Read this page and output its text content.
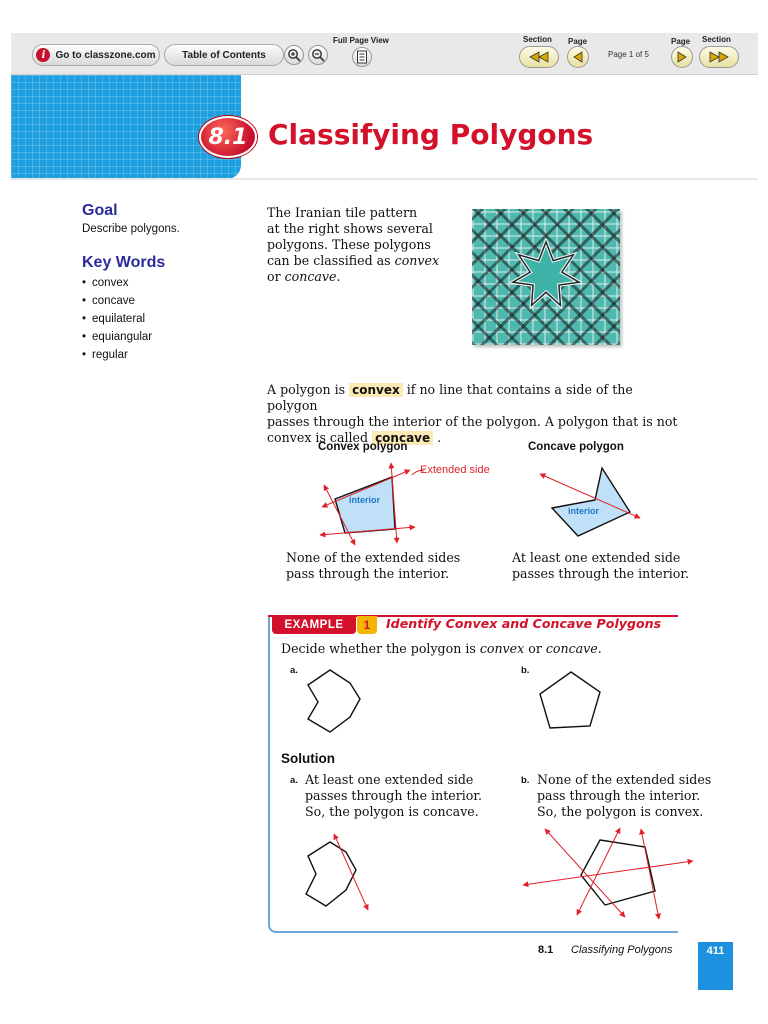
i	Go to classzone.com	Table of Contents
Full Page View	Section Page
Page 1 of 5
Page Section
8.1 Classifying Polygons
Goal
Describe polygons.
Key Words
• convex
• concave
• equilateral
• equiangular
• regular
The Iranian tile pattern
at the right shows several
polygons. These polygons
can be classified as convex
or concave.
A polygon is convex if no line that contains a side of the polygon
passes through the interior of the polygon. A polygon that is not
convex is called concave .
Convex polygon	Concave polygon
Extended side
interior
interior
None of the extended sides
pass through the interior.
At least one extended side
passes through the interior.
EXAMPLE	1	Identify Convex and Concave Polygons
Decide whether the polygon is convex or concave.
a.	b.
Solution
a. At least one extended side
passes through the interior.
So, the polygon is concave.
b. None of the extended sides
pass through the interior.
So, the polygon is convex.
8.1 Classifying Polygons	411
